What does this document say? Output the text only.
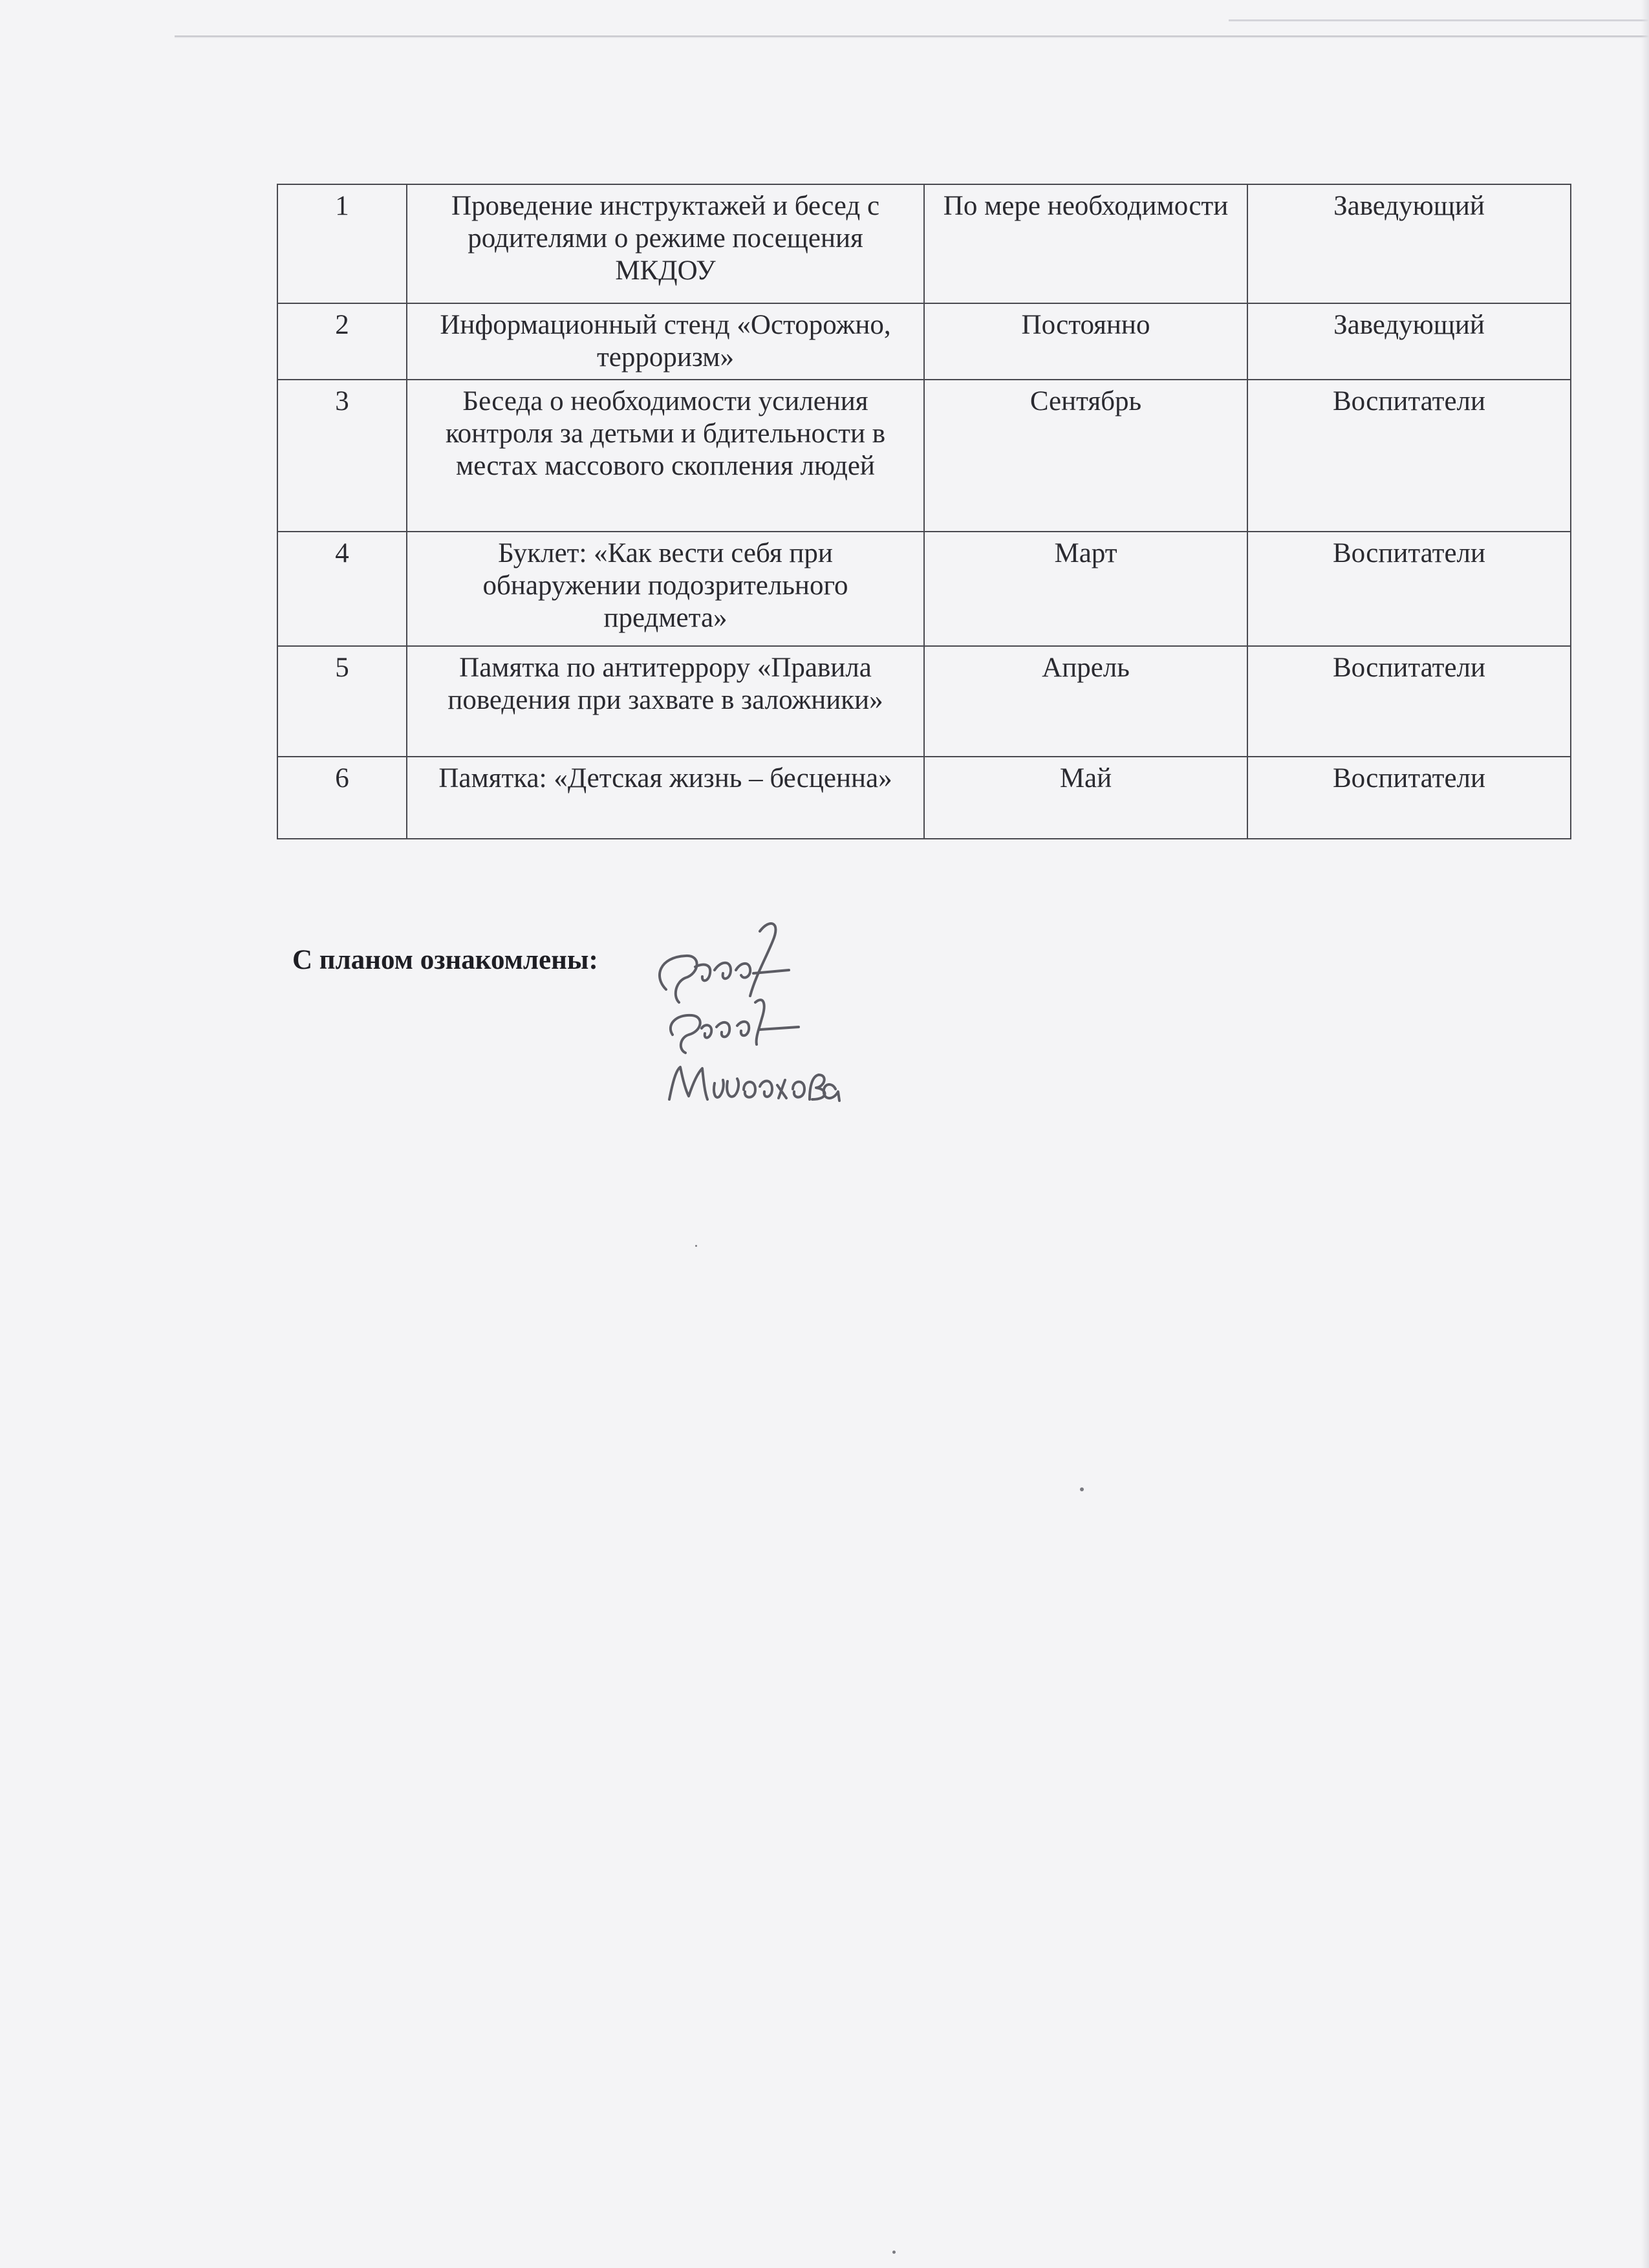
1	Проведение инструктажей и бесед с родителями о режиме посещения МКДОУ	По мере необходимости	Заведующий
2	Информационный стенд «Осторожно, терроризм»	Постоянно	Заведующий
3	Беседа о необходимости усиления контроля за детьми и бдительности в местах массового скопления людей	Сентябрь	Воспитатели
4	Буклет: «Как вести себя при обнаружении подозрительного предмета»	Март	Воспитатели
5	Памятка по антитеррору «Правила поведения при захвате в заложники»	Апрель	Воспитатели
6	Памятка: «Детская жизнь – бесценна»	Май	Воспитатели
С планом ознакомлены:
